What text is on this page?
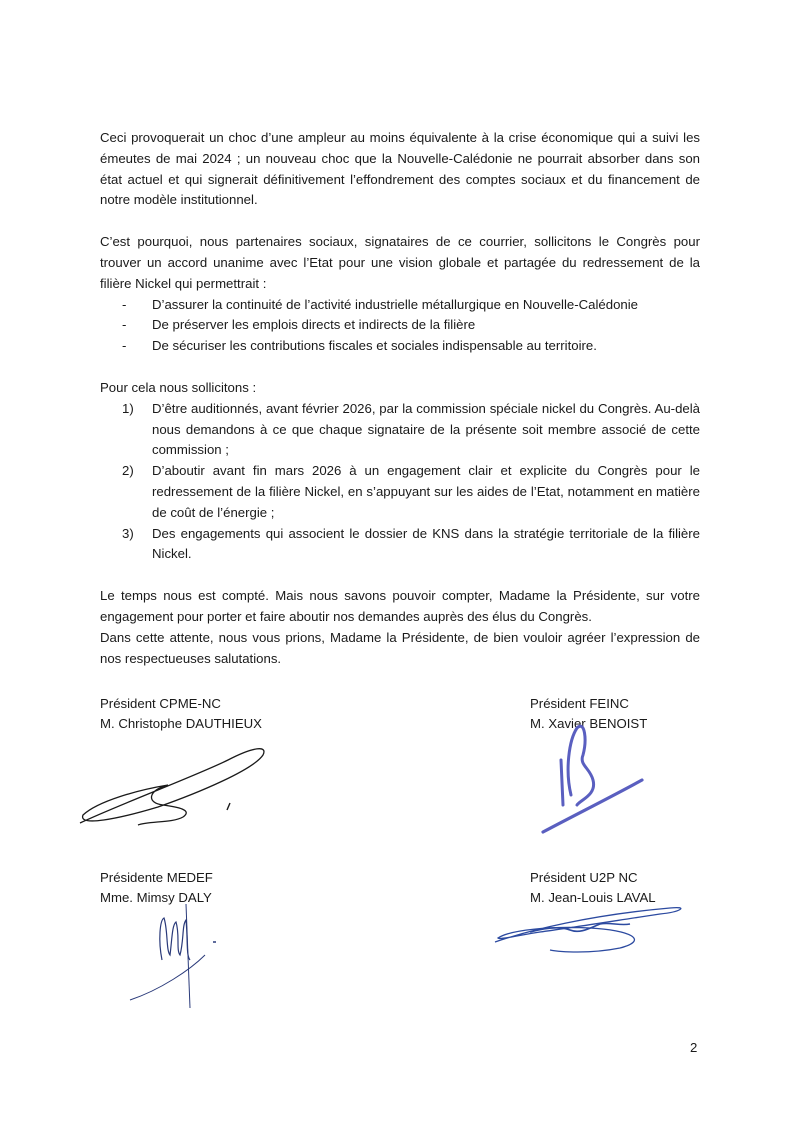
Ceci provoquerait un choc d’une ampleur au moins équivalente à la crise économique qui a suivi les émeutes de mai 2024 ; un nouveau choc que la Nouvelle-Calédonie ne pourrait absorber dans son état actuel et qui signerait définitivement l’effondrement des comptes sociaux et du financement de notre modèle institutionnel.

C’est pourquoi, nous partenaires sociaux, signataires de ce courrier, sollicitons le Congrès pour trouver un accord unanime avec l’Etat pour une vision globale et partagée du redressement de la filière Nickel qui permettrait :

- D’assurer la continuité de l’activité industrielle métallurgique en Nouvelle-Calédonie
- De préserver les emplois directs et indirects de la filière
- De sécuriser les contributions fiscales et sociales indispensable au territoire.

Pour cela nous sollicitons :

1) D’être auditionnés, avant février 2026, par la commission spéciale nickel du Congrès. Au-delà nous demandons à ce que chaque signataire de la présente soit membre associé de cette commission ;
2) D’aboutir avant fin mars 2026 à un engagement clair et explicite du Congrès pour le redressement de la filière Nickel, en s’appuyant sur les aides de l’Etat, notamment en matière de coût de l’énergie ;
3) Des engagements qui associent le dossier de KNS dans la stratégie territoriale de la filière Nickel.

Le temps nous est compté. Mais nous savons pouvoir compter, Madame la Présidente, sur votre engagement pour porter et faire aboutir nos demandes auprès des élus du Congrès.

Dans cette attente, nous vous prions, Madame la Présidente, de bien vouloir agréer l’expression de nos respectueuses salutations.

Président CPME-NC
M. Christophe DAUTHIEUX
Président FEINC
M. Xavier BENOIST
Présidente MEDEF
Mme. Mimsy DALY
Président U2P NC
M. Jean-Louis LAVAL
2
